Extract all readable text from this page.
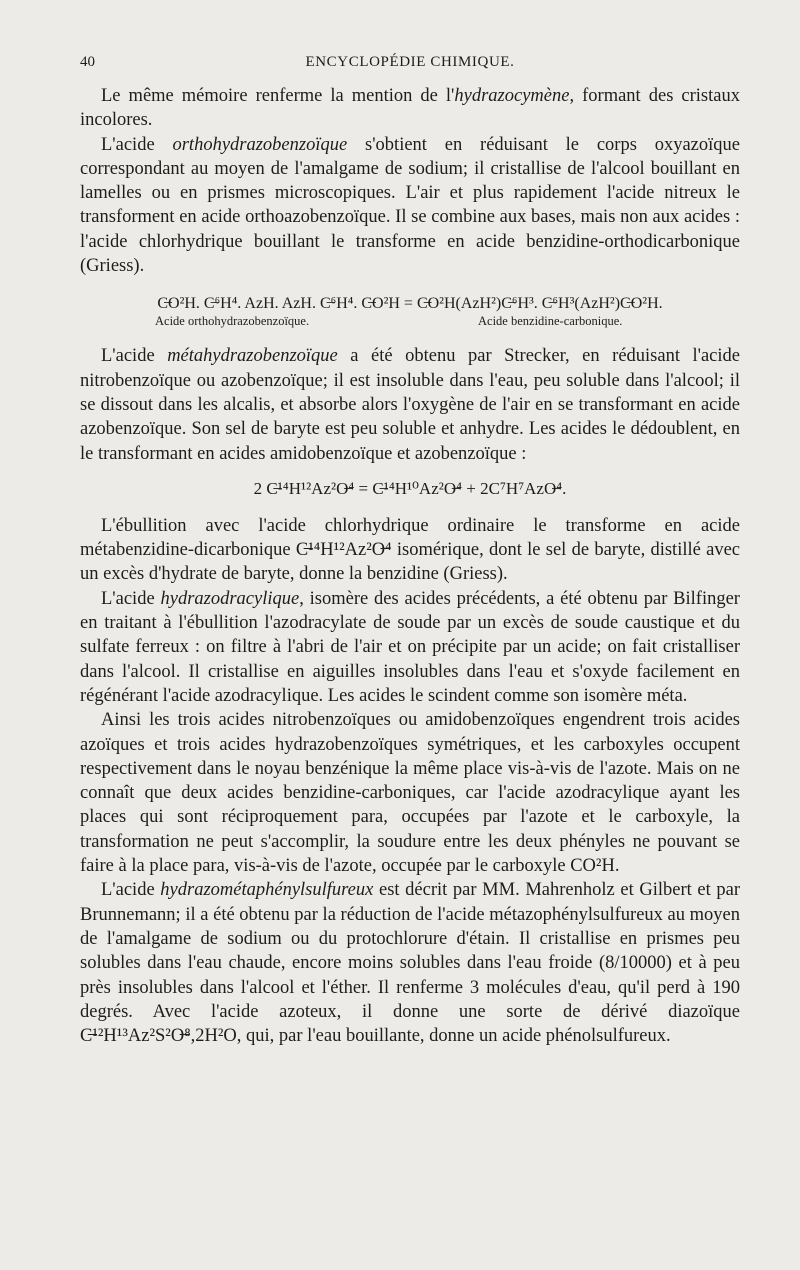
40	ENCYCLOPÉDIE CHIMIQUE.

Le même mémoire renferme la mention de l'hydrazocymène, formant des cristaux incolores.

L'acide orthohydrazobenzoïque s'obtient en réduisant le corps oxyazoïque correspondant au moyen de l'amalgame de sodium; il cristallise de l'alcool bouillant en lamelles ou en prismes microscopiques. L'air et plus rapidement l'acide nitreux le transforment en acide orthoazobenzoïque. Il se combine aux bases, mais non aux acides : l'acide chlorhydrique bouillant le transforme en acide benzidine-orthodicarbonique (Griess).

C̶O²H. C̶⁶H⁴. AzH. AzH. C̶⁶H⁴. C̶O²H = C̶O²H(AzH²)C̶⁶H³. C̶⁶H³(AzH²)C̶O²H.
Acide orthohydrazobenzoïque.	Acide benzidine-carbonique.

L'acide métahydrazobenzoïque a été obtenu par Strecker, en réduisant l'acide nitrobenzoïque ou azobenzoïque; il est insoluble dans l'eau, peu soluble dans l'alcool; il se dissout dans les alcalis, et absorbe alors l'oxygène de l'air en se transformant en acide azobenzoïque. Son sel de baryte est peu soluble et anhydre. Les acides le dédoublent, en le transformant en acides amidobenzoïque et azobenzoïque :

2 C̶¹⁴H¹²Az²O̶⁴ = C̶¹⁴H¹⁰Az²O̶⁴ + 2C⁷H⁷AzO̶⁴.

L'ébullition avec l'acide chlorhydrique ordinaire le transforme en acide métabenzidine-dicarbonique C̶¹⁴H¹²Az²O̶⁴ isomérique, dont le sel de baryte, distillé avec un excès d'hydrate de baryte, donne la benzidine (Griess).

L'acide hydrazodracylique, isomère des acides précédents, a été obtenu par Bilfinger en traitant à l'ébullition l'azodracylate de soude par un excès de soude caustique et du sulfate ferreux : on filtre à l'abri de l'air et on précipite par un acide; on fait cristalliser dans l'alcool. Il cristallise en aiguilles insolubles dans l'eau et s'oxyde facilement en régénérant l'acide azodracylique. Les acides le scindent comme son isomère méta.

Ainsi les trois acides nitrobenzoïques ou amidobenzoïques engendrent trois acides azoïques et trois acides hydrazobenzoïques symétriques, et les carboxyles occupent respectivement dans le noyau benzénique la même place vis-à-vis de l'azote. Mais on ne connaît que deux acides benzidine-carboniques, car l'acide azodracylique ayant les places qui sont réciproquement para, occupées par l'azote et le carboxyle, la transformation ne peut s'accomplir, la soudure entre les deux phényles ne pouvant se faire à la place para, vis-à-vis de l'azote, occupée par le carboxyle CO²H.

L'acide hydrazométaphénylsulfureux est décrit par MM. Mahrenholz et Gilbert et par Brunnemann; il a été obtenu par la réduction de l'acide métazophénylsulfureux au moyen de l'amalgame de sodium ou du protochlorure d'étain. Il cristallise en prismes peu solubles dans l'eau chaude, encore moins solubles dans l'eau froide (8/10000) et à peu près insolubles dans l'alcool et l'éther. Il renferme 3 molécules d'eau, qu'il perd à 190 degrés. Avec l'acide azoteux, il donne une sorte de dérivé diazoïque C̶¹²H¹³Az²S²O̶⁸,2H²O, qui, par l'eau bouillante, donne un acide phénolsulfureux.
